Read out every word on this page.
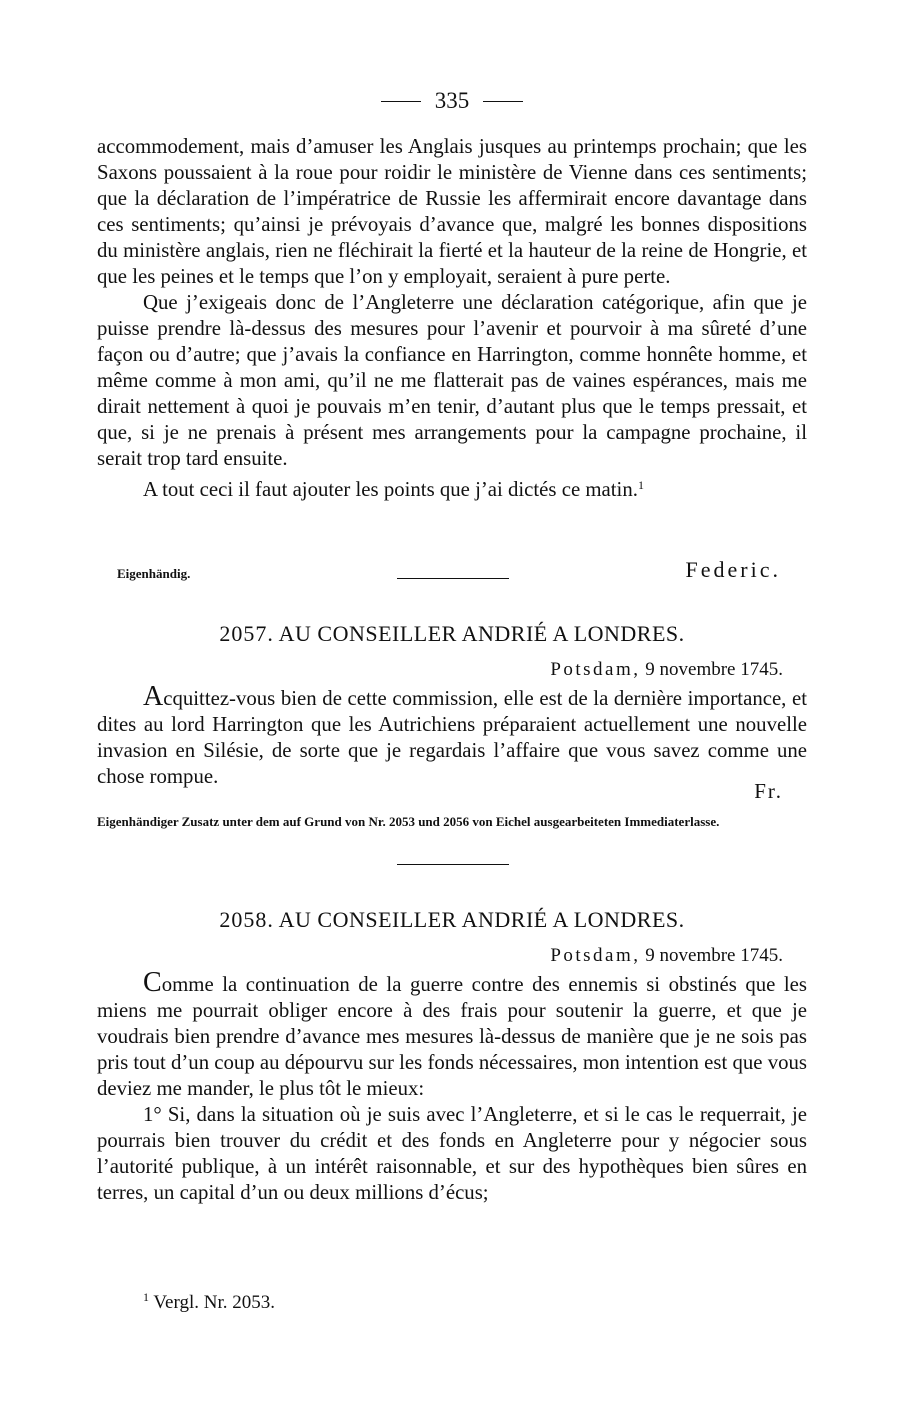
335

accommodement, mais d’amuser les Anglais jusques au printemps prochain; que les Saxons poussaient à la roue pour roidir le ministère de Vienne dans ces sentiments; que la déclaration de l’impératrice de Russie les affermirait encore davantage dans ces sentiments; qu’ainsi je prévoyais d’avance que, malgré les bonnes dispositions du ministère anglais, rien ne fléchirait la fierté et la hauteur de la reine de Hongrie, et que les peines et le temps que l’on y employait, seraient à pure perte.

Que j’exigeais donc de l’Angleterre une déclaration catégorique, afin que je puisse prendre là-dessus des mesures pour l’avenir et pourvoir à ma sûreté d’une façon ou d’autre; que j’avais la confiance en Harrington, comme honnête homme, et même comme à mon ami, qu’il ne me flatterait pas de vaines espérances, mais me dirait nettement à quoi je pouvais m’en tenir, d’autant plus que le temps pressait, et que, si je ne prenais à présent mes arrangements pour la campagne prochaine, il serait trop tard ensuite.

A tout ceci il faut ajouter les points que j’ai dictés ce matin.$^1$

Eigenhändig.	Federic.
2057. AU CONSEILLER ANDRIÉ A LONDRES.
Potsdam, 9 novembre 1745.

Acquittez-vous bien de cette commission, elle est de la dernière importance, et dites au lord Harrington que les Autrichiens préparaient actuellement une nouvelle invasion en Silésie, de sorte que je regardais l’affaire que vous savez comme une chose rompue.

Fr.
Eigenhändiger Zusatz unter dem auf Grund von Nr. 2053 und 2056 von Eichel ausgearbeiteten Immediaterlasse.
2058. AU CONSEILLER ANDRIÉ A LONDRES.
Potsdam, 9 novembre 1745.

Comme la continuation de la guerre contre des ennemis si obstinés que les miens me pourrait obliger encore à des frais pour soutenir la guerre, et que je voudrais bien prendre d’avance mes mesures là-dessus de manière que je ne sois pas pris tout d’un coup au dépourvu sur les fonds nécessaires, mon intention est que vous deviez me mander, le plus tôt le mieux:

1° Si, dans la situation où je suis avec l’Angleterre, et si le cas le requerrait, je pourrais bien trouver du crédit et des fonds en Angleterre pour y négocier sous l’autorité publique, à un intérêt raisonnable, et sur des hypothèques bien sûres en terres, un capital d’un ou deux millions d’écus;

$^1$ Vergl. Nr. 2053.
